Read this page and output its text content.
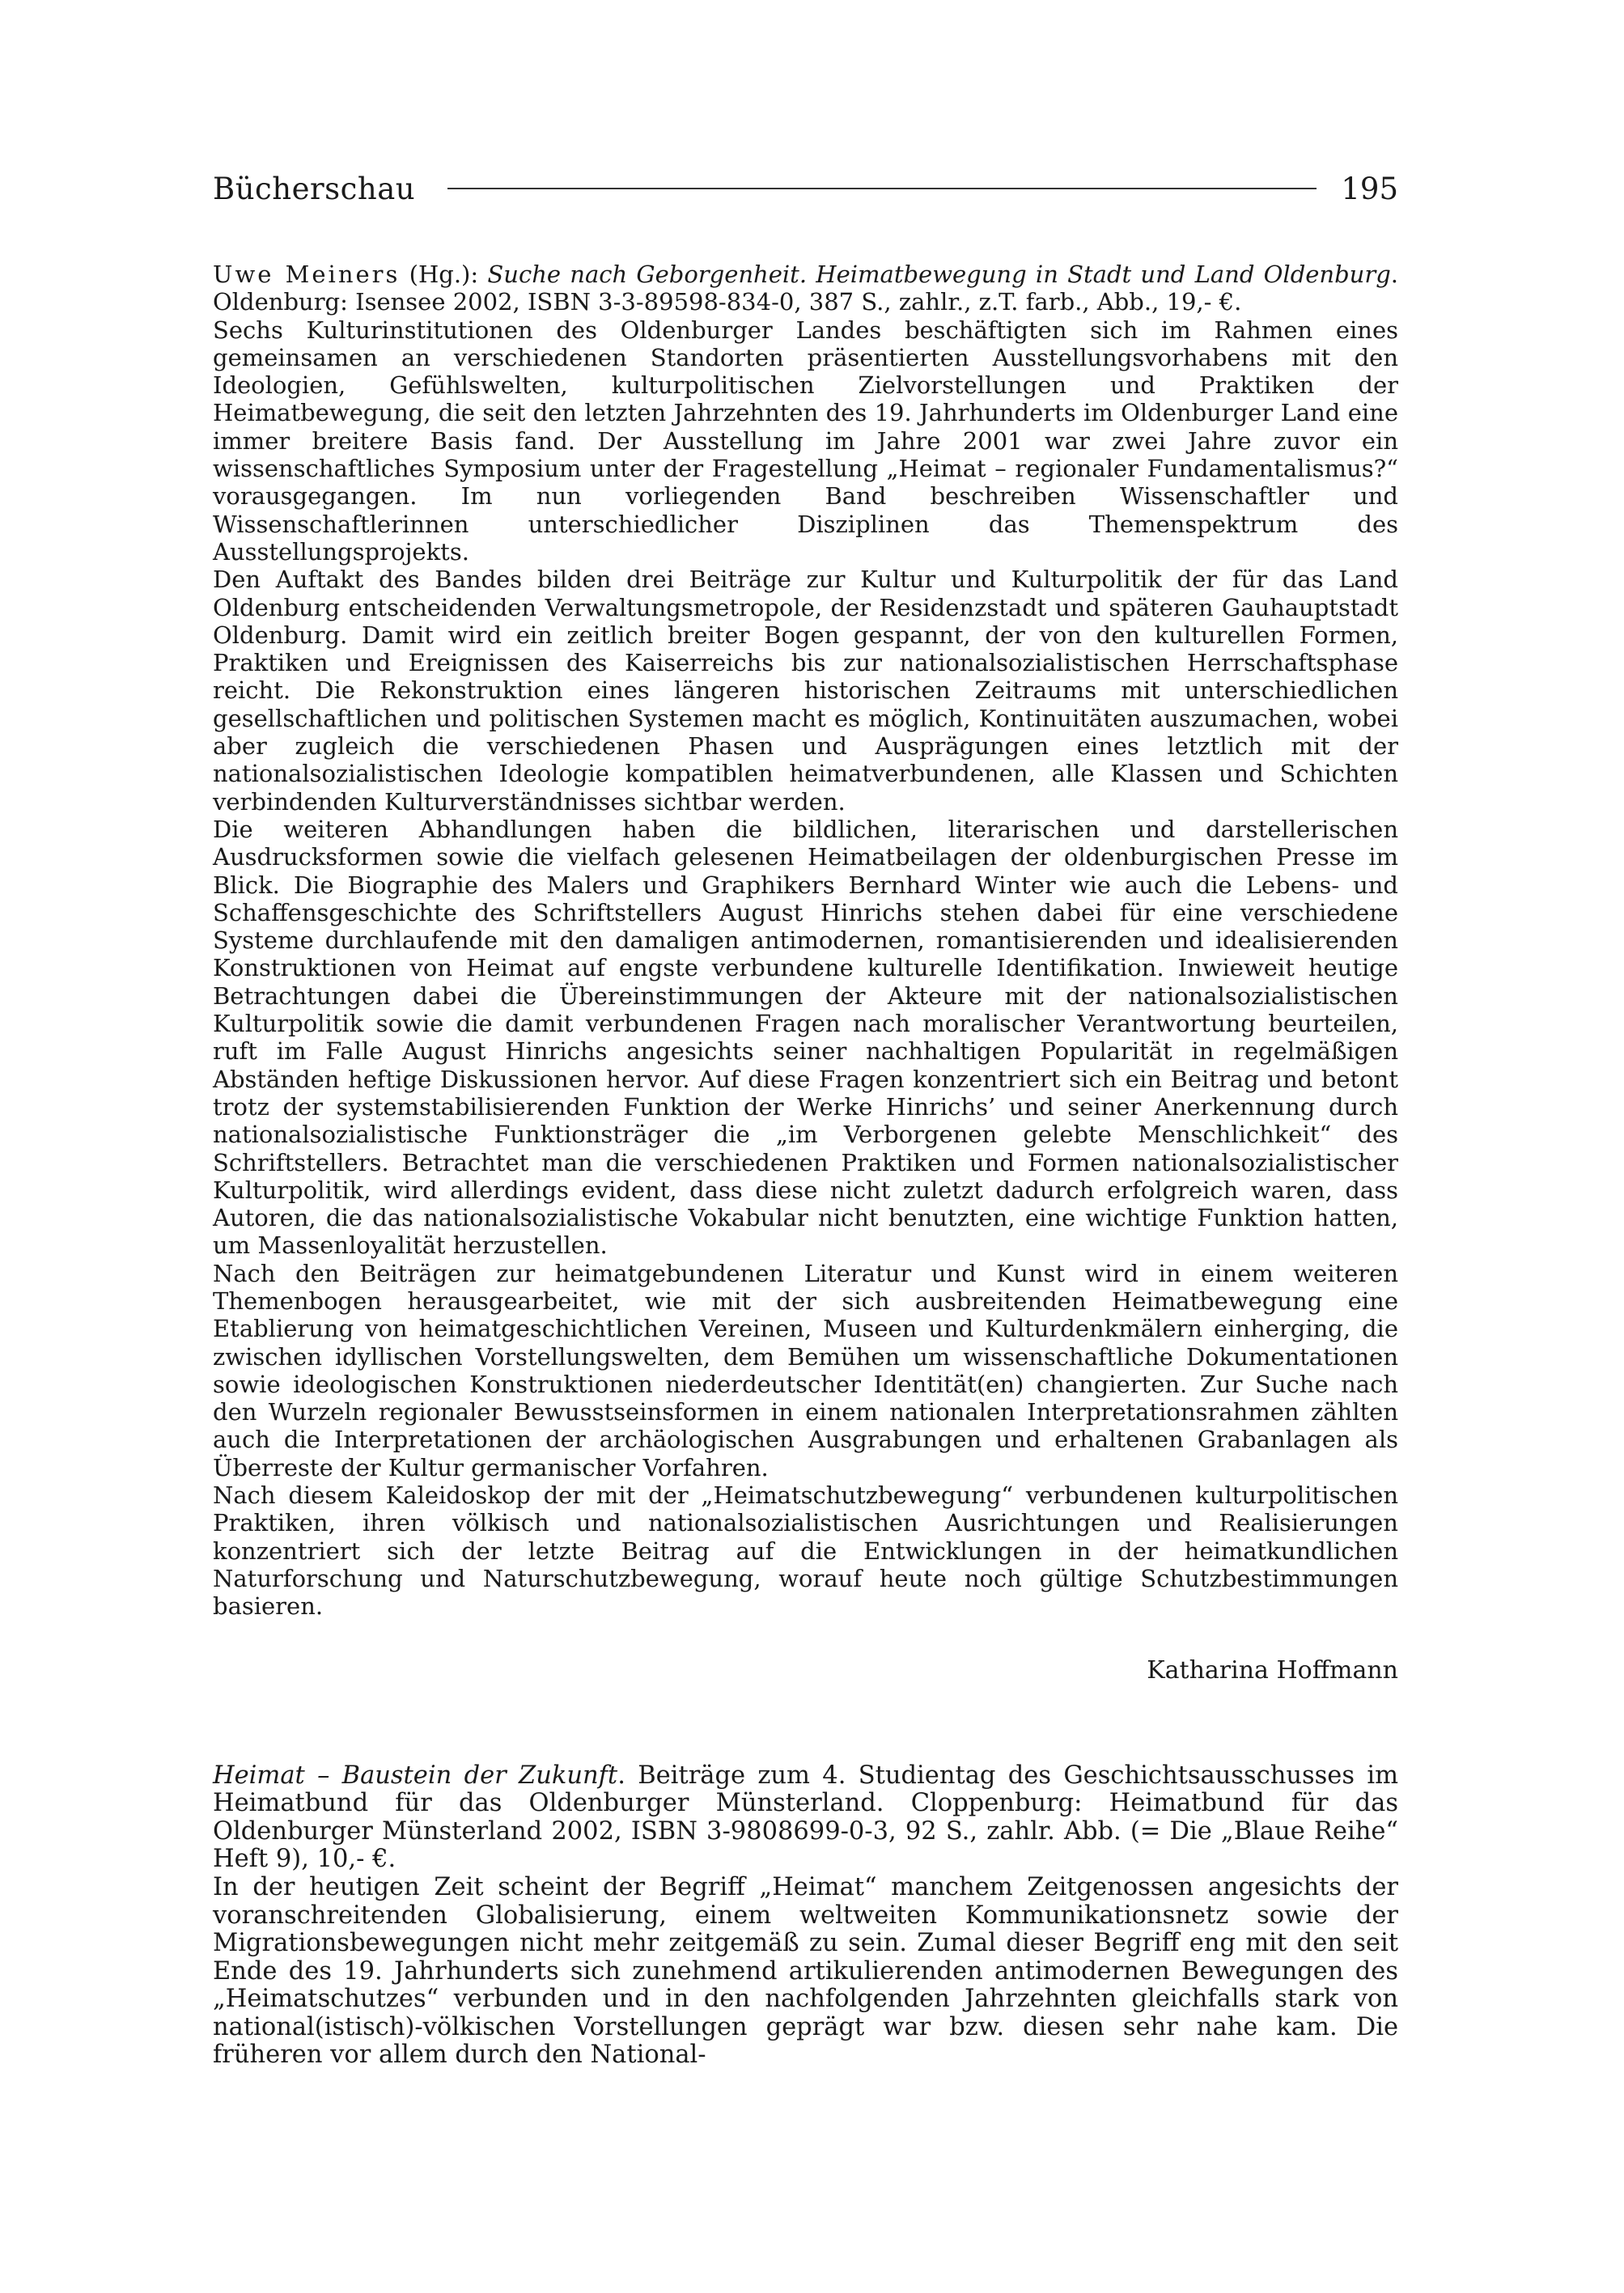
Bücherschau	195

Uwe Meiners (Hg.): Suche nach Geborgenheit. Heimatbewegung in Stadt und Land Oldenburg. Oldenburg: Isensee 2002, ISBN 3-3-89598-834-0, 387 S., zahlr., z.T. farb., Abb., 19,- €.

Sechs Kulturinstitutionen des Oldenburger Landes beschäftigten sich im Rahmen eines gemeinsamen an verschiedenen Standorten präsentierten Ausstellungsvorhabens mit den Ideologien, Gefühlswelten, kulturpolitischen Zielvorstellungen und Praktiken der Heimatbewegung, die seit den letzten Jahrzehnten des 19. Jahrhunderts im Oldenburger Land eine immer breitere Basis fand. Der Ausstellung im Jahre 2001 war zwei Jahre zuvor ein wissenschaftliches Symposium unter der Fragestellung „Heimat – regionaler Fundamentalismus?“ vorausgegangen. Im nun vorliegenden Band beschreiben Wissenschaftler und Wissenschaftlerinnen unterschiedlicher Disziplinen das Themenspektrum des Ausstellungsprojekts.

Den Auftakt des Bandes bilden drei Beiträge zur Kultur und Kulturpolitik der für das Land Oldenburg entscheidenden Verwaltungsmetropole, der Residenzstadt und späteren Gauhauptstadt Oldenburg. Damit wird ein zeitlich breiter Bogen gespannt, der von den kulturellen Formen, Praktiken und Ereignissen des Kaiserreichs bis zur nationalsozialistischen Herrschaftsphase reicht. Die Rekonstruktion eines längeren historischen Zeitraums mit unterschiedlichen gesellschaftlichen und politischen Systemen macht es möglich, Kontinuitäten auszumachen, wobei aber zugleich die verschiedenen Phasen und Ausprägungen eines letztlich mit der nationalsozialistischen Ideologie kompatiblen heimatverbundenen, alle Klassen und Schichten verbindenden Kulturverständnisses sichtbar werden.

Die weiteren Abhandlungen haben die bildlichen, literarischen und darstellerischen Ausdrucksformen sowie die vielfach gelesenen Heimatbeilagen der oldenburgischen Presse im Blick. Die Biographie des Malers und Graphikers Bernhard Winter wie auch die Lebens- und Schaffensgeschichte des Schriftstellers August Hinrichs stehen dabei für eine verschiedene Systeme durchlaufende mit den damaligen antimodernen, romantisierenden und idealisierenden Konstruktionen von Heimat auf engste verbundene kulturelle Identifikation. Inwieweit heutige Betrachtungen dabei die Übereinstimmungen der Akteure mit der nationalsozialistischen Kulturpolitik sowie die damit verbundenen Fragen nach moralischer Verantwortung beurteilen, ruft im Falle August Hinrichs angesichts seiner nachhaltigen Popularität in regelmäßigen Abständen heftige Diskussionen hervor. Auf diese Fragen konzentriert sich ein Beitrag und betont trotz der systemstabilisierenden Funktion der Werke Hinrichs’ und seiner Anerkennung durch nationalsozialistische Funktionsträger die „im Verborgenen gelebte Menschlichkeit“ des Schriftstellers. Betrachtet man die verschiedenen Praktiken und Formen nationalsozialistischer Kulturpolitik, wird allerdings evident, dass diese nicht zuletzt dadurch erfolgreich waren, dass Autoren, die das nationalsozialistische Vokabular nicht benutzten, eine wichtige Funktion hatten, um Massenloyalität herzustellen.

Nach den Beiträgen zur heimatgebundenen Literatur und Kunst wird in einem weiteren Themenbogen herausgearbeitet, wie mit der sich ausbreitenden Heimatbewegung eine Etablierung von heimatgeschichtlichen Vereinen, Museen und Kulturdenkmälern einherging, die zwischen idyllischen Vorstellungswelten, dem Bemühen um wissenschaftliche Dokumentationen sowie ideologischen Konstruktionen niederdeutscher Identität(en) changierten. Zur Suche nach den Wurzeln regionaler Bewusstseinsformen in einem nationalen Interpretationsrahmen zählten auch die Interpretationen der archäologischen Ausgrabungen und erhaltenen Grabanlagen als Überreste der Kultur germanischer Vorfahren.

Nach diesem Kaleidoskop der mit der „Heimatschutzbewegung“ verbundenen kulturpolitischen Praktiken, ihren völkisch und nationalsozialistischen Ausrichtungen und Realisierungen konzentriert sich der letzte Beitrag auf die Entwicklungen in der heimatkundlichen Naturforschung und Naturschutzbewegung, worauf heute noch gültige Schutzbestimmungen basieren.

Katharina Hoffmann

Heimat – Baustein der Zukunft. Beiträge zum 4. Studientag des Geschichtsausschusses im Heimatbund für das Oldenburger Münsterland. Cloppenburg: Heimatbund für das Oldenburger Münsterland 2002, ISBN 3-9808699-0-3, 92 S., zahlr. Abb. (= Die „Blaue Reihe“ Heft 9), 10,- €.

In der heutigen Zeit scheint der Begriff „Heimat“ manchem Zeitgenossen angesichts der voranschreitenden Globalisierung, einem weltweiten Kommunikationsnetz sowie der Migrationsbewegungen nicht mehr zeitgemäß zu sein. Zumal dieser Begriff eng mit den seit Ende des 19. Jahrhunderts sich zunehmend artikulierenden antimodernen Bewegungen des „Heimatschutzes“ verbunden und in den nachfolgenden Jahrzehnten gleichfalls stark von national(istisch)-völkischen Vorstellungen geprägt war bzw. diesen sehr nahe kam. Die früheren vor allem durch den National-
